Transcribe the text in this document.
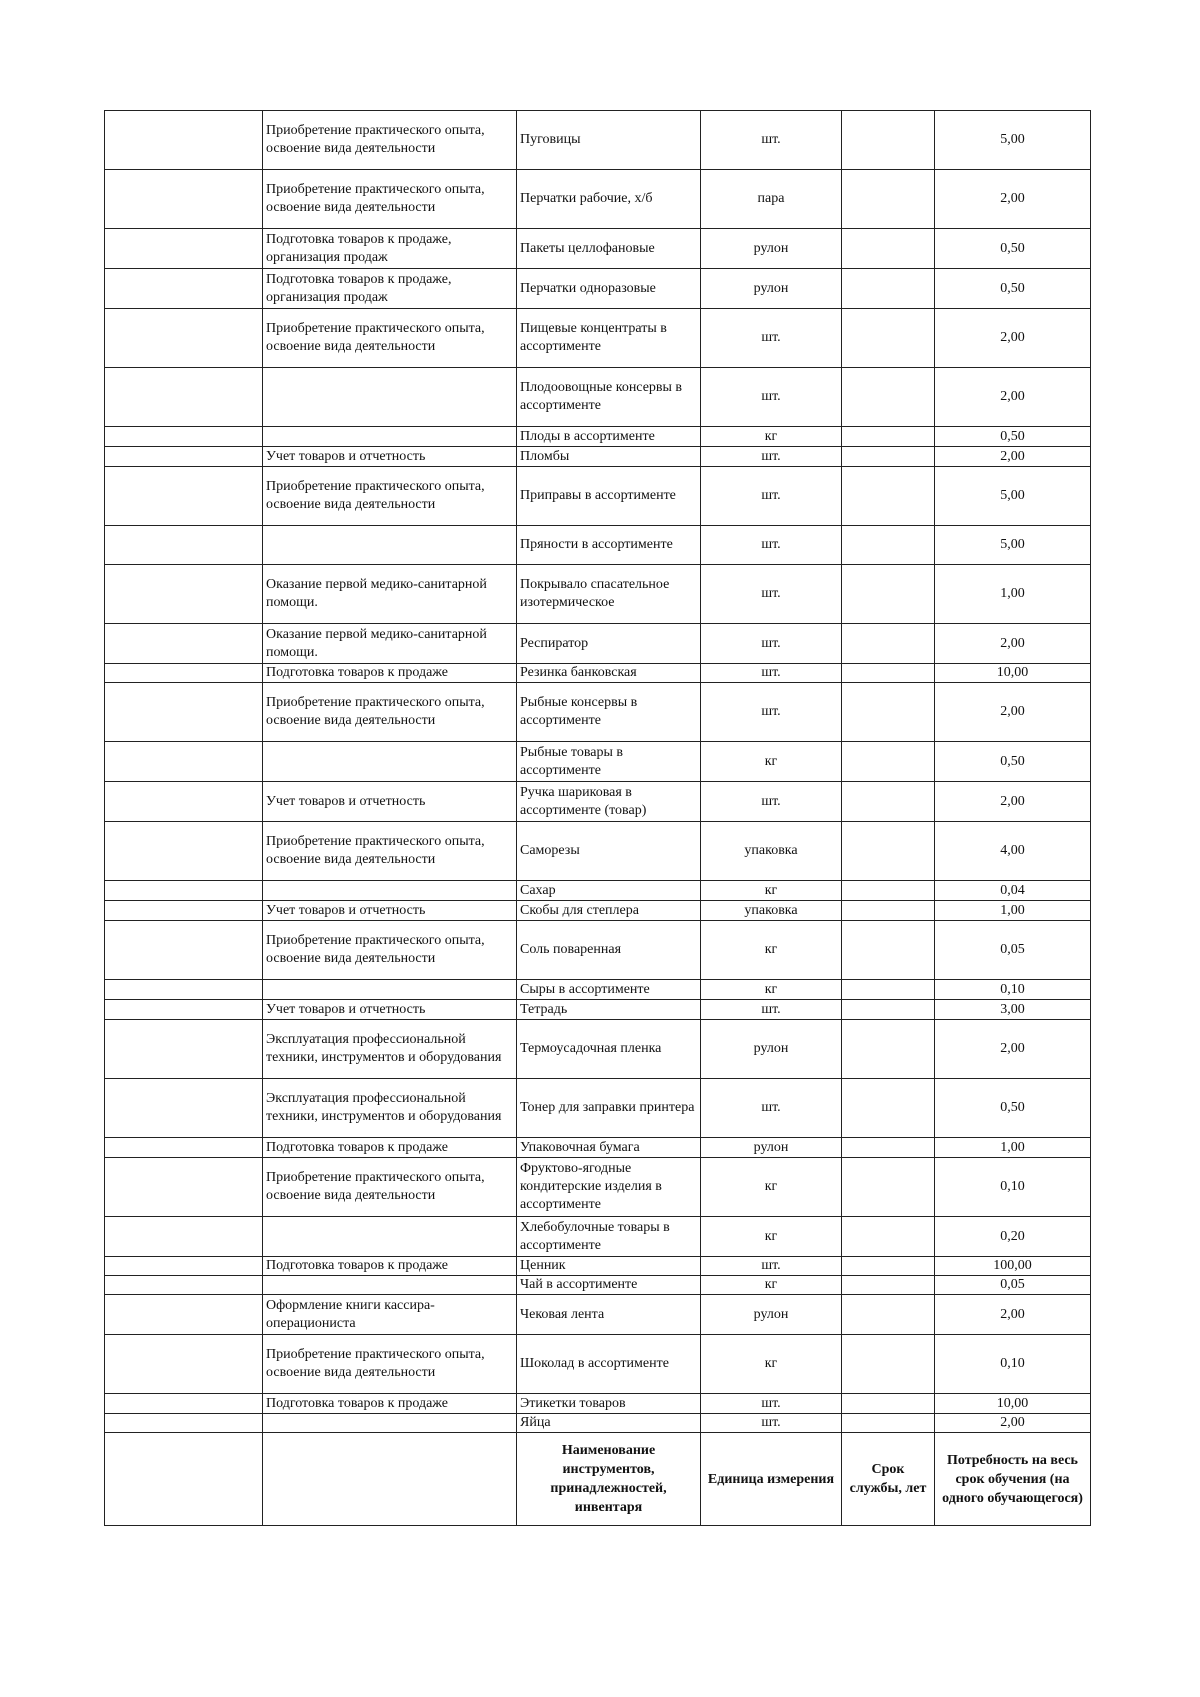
	Приобретение практического опыта, освоение вида деятельности	Пуговицы	шт.		5,00
	Приобретение практического опыта, освоение вида деятельности	Перчатки рабочие, х/б	пара		2,00
	Подготовка товаров к продаже, организация продаж	Пакеты целлофановые	рулон		0,50
	Подготовка товаров к продаже, организация продаж	Перчатки одноразовые	рулон		0,50
	Приобретение практического опыта, освоение вида деятельности	Пищевые концентраты в ассортименте	шт.		2,00
		Плодоовощные консервы в ассортименте	шт.		2,00
		Плоды в ассортименте	кг		0,50
	Учет товаров и отчетность	Пломбы	шт.		2,00
	Приобретение практического опыта, освоение вида деятельности	Приправы в ассортименте	шт.		5,00
		Пряности в ассортименте	шт.		5,00
	Оказание первой медико-санитарной помощи.	Покрывало спасательное изотермическое	шт.		1,00
	Оказание первой медико-санитарной помощи.	Респиратор	шт.		2,00
	Подготовка товаров к продаже	Резинка банковская	шт.		10,00
	Приобретение практического опыта, освоение вида деятельности	Рыбные консервы в ассортименте	шт.		2,00
		Рыбные товары в ассортименте	кг		0,50
	Учет товаров и отчетность	Ручка шариковая в ассортименте (товар)	шт.		2,00
	Приобретение практического опыта, освоение вида деятельности	Саморезы	упаковка		4,00
		Сахар	кг		0,04
	Учет товаров и отчетность	Скобы для степлера	упаковка		1,00
	Приобретение практического опыта, освоение вида деятельности	Соль поваренная	кг		0,05
		Сыры в ассортименте	кг		0,10
	Учет товаров и отчетность	Тетрадь	шт.		3,00
	Эксплуатация профессиональной техники, инструментов и оборудования	Термоусадочная пленка	рулон		2,00
	Эксплуатация профессиональной техники, инструментов и оборудования	Тонер для заправки принтера	шт.		0,50
	Подготовка товаров к продаже	Упаковочная бумага	рулон		1,00
	Приобретение практического опыта, освоение вида деятельности	Фруктово-ягодные кондитерские изделия в ассортименте	кг		0,10
		Хлебобулочные товары в ассортименте	кг		0,20
	Подготовка товаров к продаже	Ценник	шт.		100,00
		Чай в ассортименте	кг		0,05
	Оформление книги кассира-операциониста	Чековая лента	рулон		2,00
	Приобретение практического опыта, освоение вида деятельности	Шоколад в ассортименте	кг		0,10
	Подготовка товаров к продаже	Этикетки товаров	шт.		10,00
		Яйца	шт.		2,00
		Наименование инструментов, принадлежностей, инвентаря	Единица измерения	Срок службы, лет	Потребность на весь срок обучения (на одного обучающегося)
